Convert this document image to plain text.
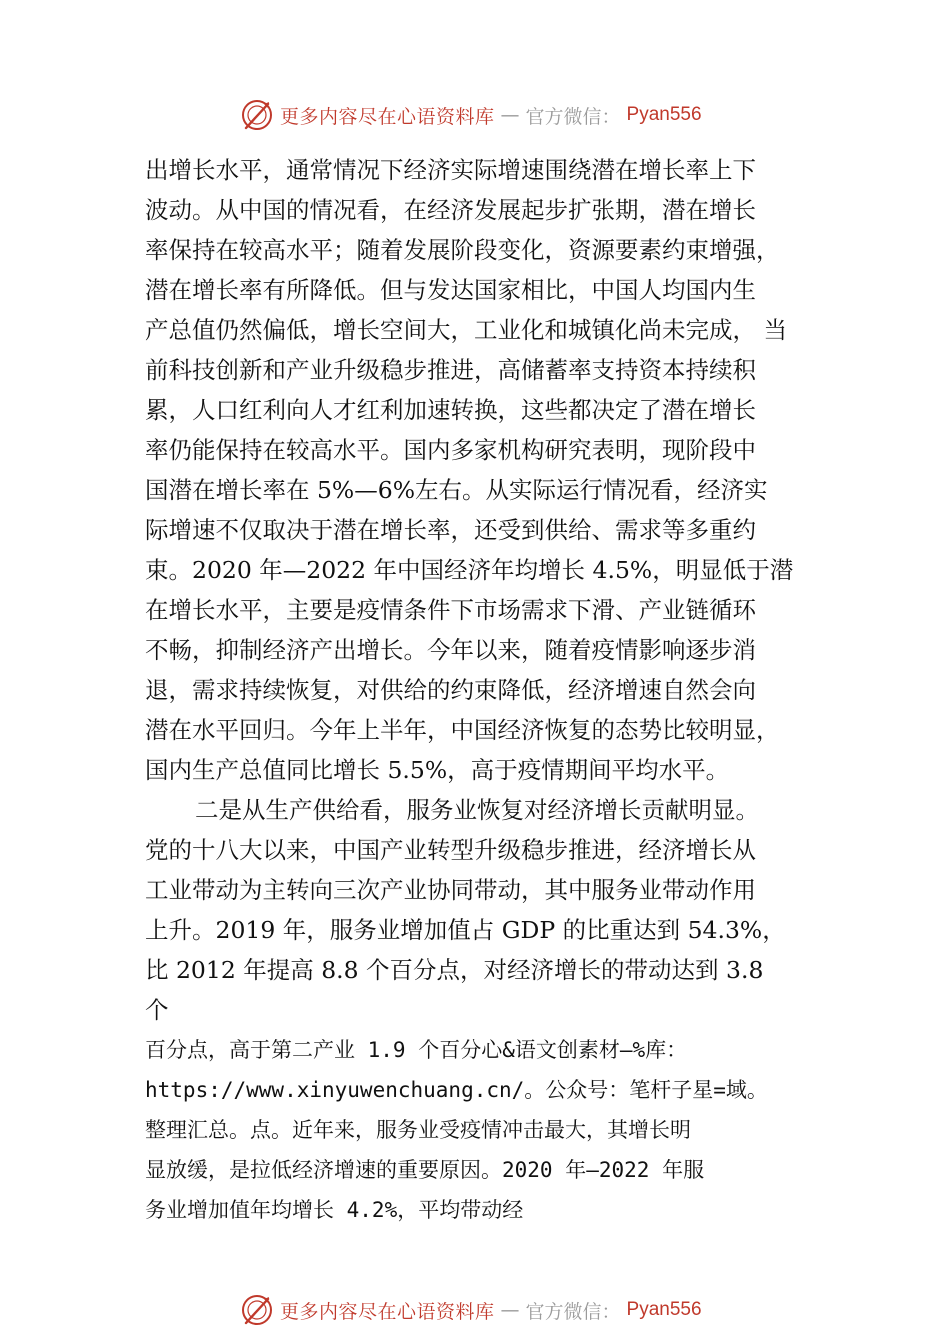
更多内容尽在心语资料库 — 官方微信： Pyan556
出增长水平，通常情况下经济实际增速围绕潜在增长率上下
波动。从中国的情况看，在经济发展起步扩张期，潜在增长
率保持在较高水平；随着发展阶段变化，资源要素约束增强，
潜在增长率有所降低。但与发达国家相比，中国人均国内生
产总值仍然偏低，增长空间大，工业化和城镇化尚未完成， 当
前科技创新和产业升级稳步推进，高储蓄率支持资本持续积
累，人口红利向人才红利加速转换，这些都决定了潜在增长
率仍能保持在较高水平。国内多家机构研究表明，现阶段中
国潜在增长率在 5%—6%左右。从实际运行情况看，经济实
际增速不仅取决于潜在增长率，还受到供给、需求等多重约
束。2020 年—2022 年中国经济年均增长 4.5%，明显低于潜
在增长水平，主要是疫情条件下市场需求下滑、产业链循环
不畅，抑制经济产出增长。今年以来，随着疫情影响逐步消
退，需求持续恢复，对供给的约束降低，经济增速自然会向
潜在水平回归。今年上半年，中国经济恢复的态势比较明显，
国内生产总值同比增长 5.5%，高于疫情期间平均水平。
二是从生产供给看，服务业恢复对经济增长贡献明显。
党的十八大以来，中国产业转型升级稳步推进，经济增长从
工业带动为主转向三次产业协同带动，其中服务业带动作用
上升。2019 年，服务业增加值占 GDP 的比重达到 54.3%，
比 2012 年提高 8.8 个百分点，对经济增长的带动达到 3.8
个
百分点，高于第二产业 1.9 个百分心&语文创素材—%库：
https://www.xinyuwenchuang.cn/。公众号：笔杆子星=域。
整理汇总。点。近年来，服务业受疫情冲击最大，其增长明
显放缓，是拉低经济增速的重要原因。2020 年—2022 年服
务业增加值年均增长 4.2%，平均带动经
更多内容尽在心语资料库 — 官方微信： Pyan556
